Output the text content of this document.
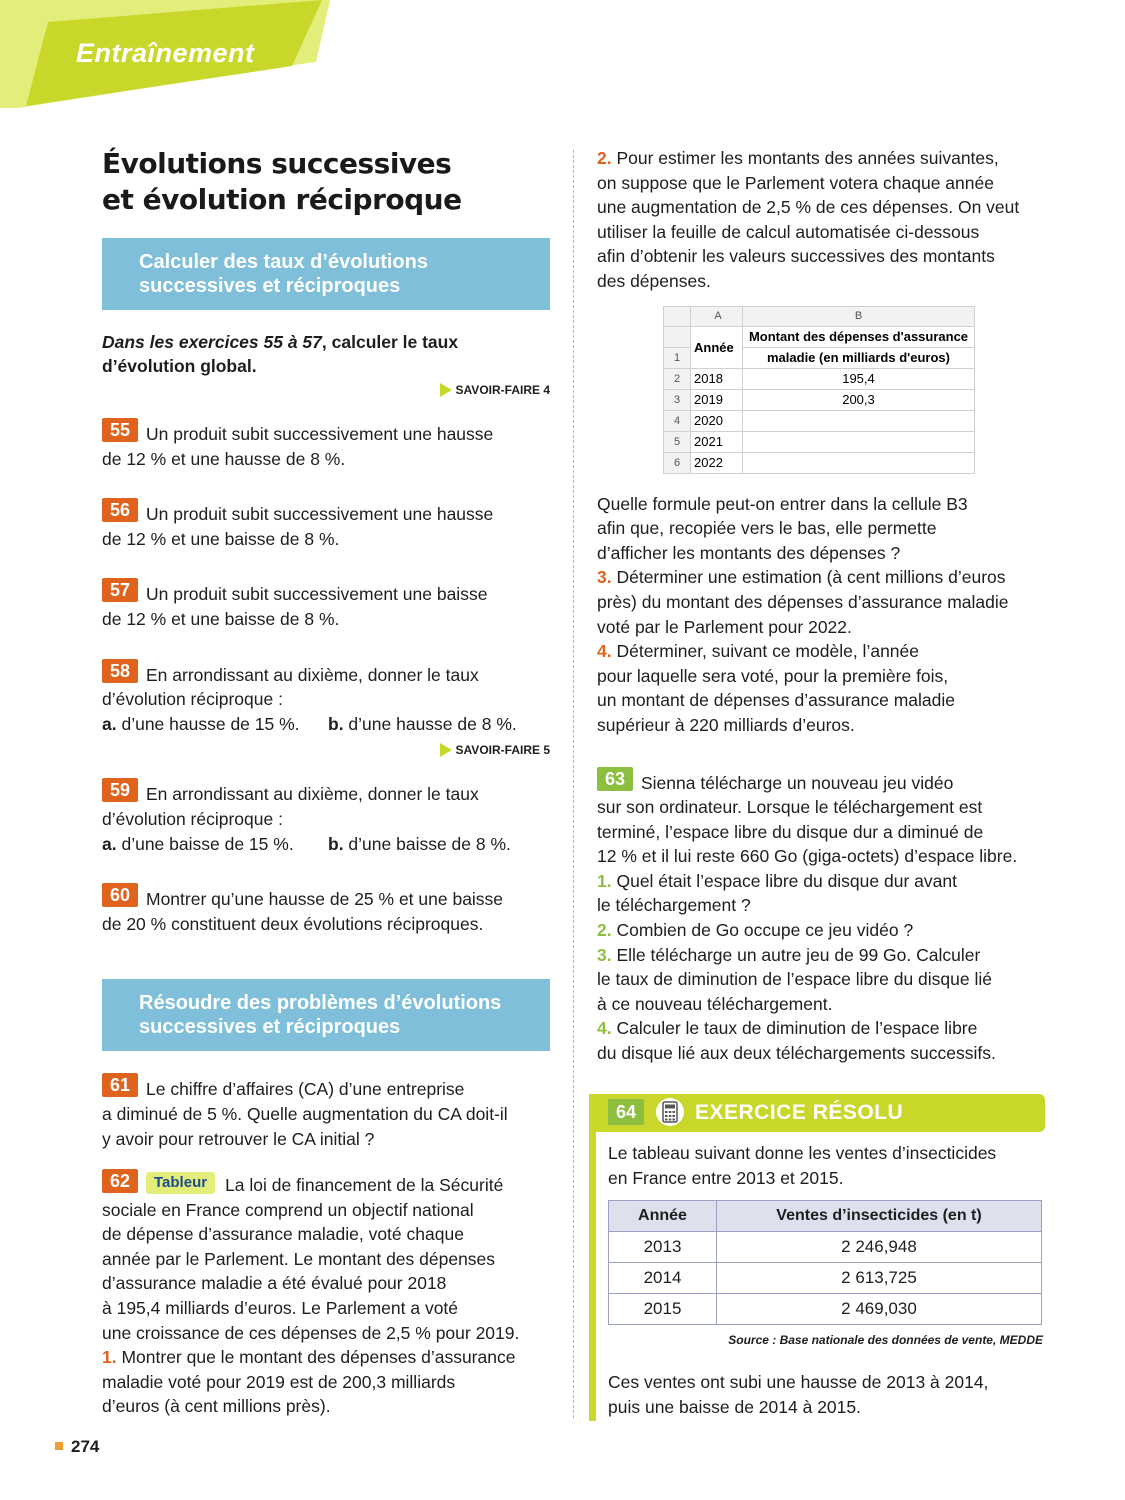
Entraînement
Évolutions successives
et évolution réciproque
Calculer des taux d’évolutions
successives et réciproques
Dans les exercices 55 à 57, calculer le taux
d’évolution global.
SAVOIR-FAIRE 4

55 Un produit subit successivement une hausse

de 12 % et une hausse de 8 %.

56 Un produit subit successivement une hausse

de 12 % et une baisse de 8 %.

57 Un produit subit successivement une baisse

de 12 % et une baisse de 8 %.

58 En arrondissant au dixième, donner le taux

d’évolution réciproque :

a. d’une hausse de 15 %. b. d’une hausse de 8 %.

SAVOIR-FAIRE 5

59 En arrondissant au dixième, donner le taux

d’évolution réciproque :

a. d’une baisse de 15 %. b. d’une baisse de 8 %.

60 Montrer qu’une hausse de 25 % et une baisse

de 20 % constituent deux évolutions réciproques.

Résoudre des problèmes d’évolutions
successives et réciproques

61 Le chiffre d’affaires (CA) d’une entreprise

a diminué de 5 %. Quelle augmentation du CA doit-il

y avoir pour retrouver le CA initial ?

62 Tableur La loi de financement de la Sécurité

sociale en France comprend un objectif national

de dépense d’assurance maladie, voté chaque

année par le Parlement. Le montant des dépenses

d’assurance maladie a été évalué pour 2018

à 195,4 milliards d’euros. Le Parlement a voté

une croissance de ces dépenses de 2,5 % pour 2019.

1. Montrer que le montant des dépenses d’assurance

maladie voté pour 2019 est de 200,3 milliards

d’euros (à cent millions près).

2. Pour estimer les montants des années suivantes,

on suppose que le Parlement votera chaque année

une augmentation de 2,5 % de ces dépenses. On veut

utiliser la feuille de calcul automatisée ci-dessous

afin d’obtenir les valeurs successives des montants

des dépenses.

	A	B
	Année	Montant des dépenses d'assurance
1		maladie (en milliards d'euros)
2	2018	195,4
3	2019	200,3
4	2020	
5	2021	
6	2022	

Quelle formule peut-on entrer dans la cellule B3

afin que, recopiée vers le bas, elle permette

d’afficher les montants des dépenses ?

3. Déterminer une estimation (à cent millions d’euros

près) du montant des dépenses d’assurance maladie

voté par le Parlement pour 2022.

4. Déterminer, suivant ce modèle, l’année

pour laquelle sera voté, pour la première fois,

un montant de dépenses d’assurance maladie

supérieur à 220 milliards d’euros.

63 Sienna télécharge un nouveau jeu vidéo

sur son ordinateur. Lorsque le téléchargement est

terminé, l’espace libre du disque dur a diminué de

12 % et il lui reste 660 Go (giga-octets) d’espace libre.

1. Quel était l’espace libre du disque dur avant

le téléchargement ?

2. Combien de Go occupe ce jeu vidéo ?

3. Elle télécharge un autre jeu de 99 Go. Calculer

le taux de diminution de l’espace libre du disque lié

à ce nouveau téléchargement.

4. Calculer le taux de diminution de l’espace libre

du disque lié aux deux téléchargements successifs.

64	EXERCICE RÉSOLU

Le tableau suivant donne les ventes d’insecticides

en France entre 2013 et 2015.

Année	Ventes d’insecticides (en t)
2013	2 246,948
2014	2 613,725
2015	2 469,030
Source : Base nationale des données de vente, MEDDE

Ces ventes ont subi une hausse de 2013 à 2014,

puis une baisse de 2014 à 2015.

274
